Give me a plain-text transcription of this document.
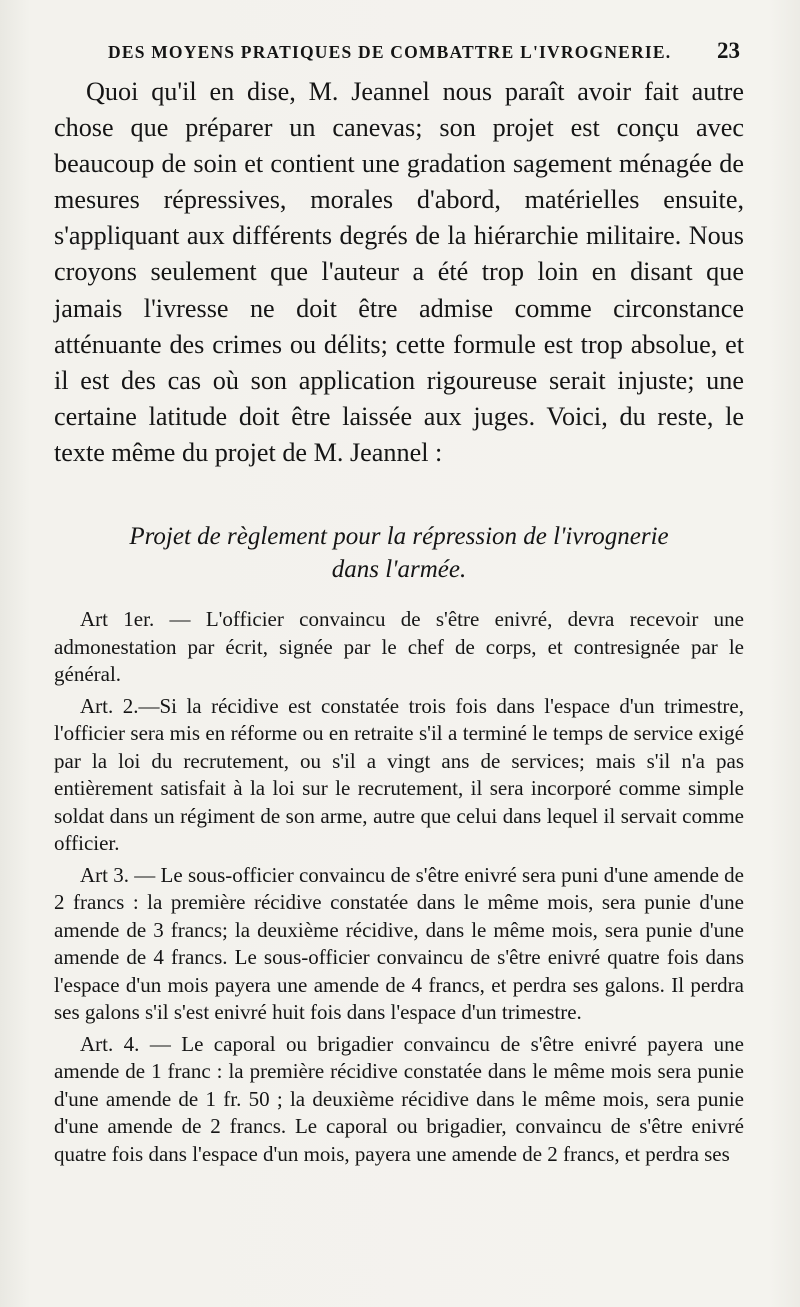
DES MOYENS PRATIQUES DE COMBATTRE L'IVROGNERIE. 23

Quoi qu'il en dise, M. Jeannel nous paraît avoir fait autre chose que préparer un canevas; son projet est conçu avec beaucoup de soin et contient une gradation sagement ménagée de mesures répressives, morales d'abord, matérielles ensuite, s'appliquant aux différents degrés de la hiérarchie militaire. Nous croyons seulement que l'auteur a été trop loin en disant que jamais l'ivresse ne doit être admise comme circonstance atténuante des crimes ou délits; cette formule est trop absolue, et il est des cas où son application rigoureuse serait injuste; une certaine latitude doit être laissée aux juges. Voici, du reste, le texte même du projet de M. Jeannel :

Projet de règlement pour la répression de l'ivrognerie
dans l'armée.

Art 1er. — L'officier convaincu de s'être enivré, devra recevoir une admonestation par écrit, signée par le chef de corps, et contresignée par le général.

Art. 2.—Si la récidive est constatée trois fois dans l'espace d'un trimestre, l'officier sera mis en réforme ou en retraite s'il a terminé le temps de service exigé par la loi du recrutement, ou s'il a vingt ans de services; mais s'il n'a pas entièrement satisfait à la loi sur le recrutement, il sera incorporé comme simple soldat dans un régiment de son arme, autre que celui dans lequel il servait comme officier.

Art 3. — Le sous-officier convaincu de s'être enivré sera puni d'une amende de 2 francs : la première récidive constatée dans le même mois, sera punie d'une amende de 3 francs; la deuxième récidive, dans le même mois, sera punie d'une amende de 4 francs. Le sous-officier convaincu de s'être enivré quatre fois dans l'espace d'un mois payera une amende de 4 francs, et perdra ses galons. Il perdra ses galons s'il s'est enivré huit fois dans l'espace d'un trimestre.

Art. 4. — Le caporal ou brigadier convaincu de s'être enivré payera une amende de 1 franc : la première récidive constatée dans le même mois sera punie d'une amende de 1 fr. 50 ; la deuxième récidive dans le même mois, sera punie d'une amende de 2 francs. Le caporal ou brigadier, convaincu de s'être enivré quatre fois dans l'espace d'un mois, payera une amende de 2 francs, et perdra ses
